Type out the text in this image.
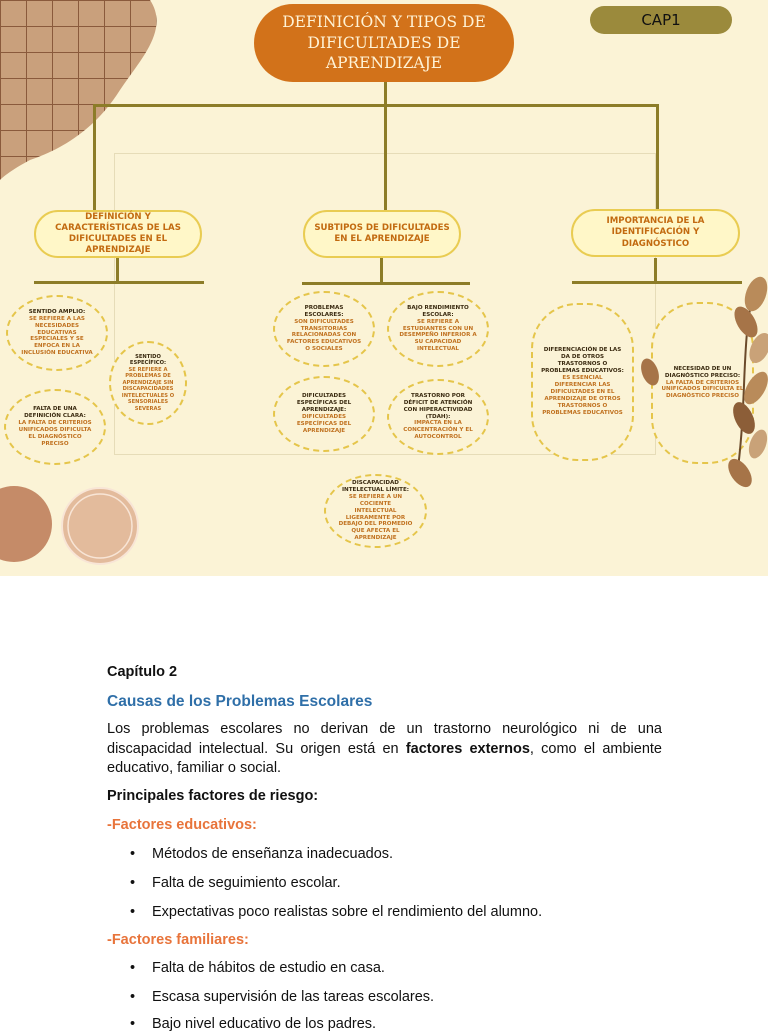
DEFINICIÓN Y TIPOS DE DIFICULTADES DE APRENDIZAJE
CAP1
DEFINICIÓN Y CARACTERÍSTICAS DE LAS DIFICULTADES EN EL APRENDIZAJE
SUBTIPOS DE DIFICULTADES EN EL APRENDIZAJE
IMPORTANCIA DE LA IDENTIFICACIÓN Y DIAGNÓSTICO
SENTIDO AMPLIO:
SE REFIERE A LAS NECESIDADES EDUCATIVAS ESPECIALES Y SE ENFOCA EN LA INCLUSIÓN EDUCATIVA
SENTIDO ESPECÍFICO:
SE REFIERE A PROBLEMAS DE APRENDIZAJE SIN DISCAPACIDADES INTELECTUALES O SENSORIALES SEVERAS
FALTA DE UNA DEFINICIÓN CLARA:
LA FALTA DE CRITERIOS UNIFICADOS DIFICULTA EL DIAGNÓSTICO PRECISO
PROBLEMAS ESCOLARES:
SON DIFICULTADES TRANSITORIAS RELACIONADAS CON FACTORES EDUCATIVOS O SOCIALES
BAJO RENDIMIENTO ESCOLAR:
SE REFIERE A ESTUDIANTES CON UN DESEMPEÑO INFERIOR A SU CAPACIDAD INTELECTUAL
DIFICULTADES ESPECÍFICAS DEL APRENDIZAJE:
DIFICULTADES ESPECÍFICAS DEL APRENDIZAJE
TRASTORNO POR DÉFICIT DE ATENCIÓN CON HIPERACTIVIDAD (TDAH):
IMPACTA EN LA CONCENTRACIÓN Y EL AUTOCONTROL
DISCAPACIDAD INTELECTUAL LÍMITE:
SE REFIERE A UN COCIENTE INTELECTUAL LIGERAMENTE POR DEBAJO DEL PROMEDIO QUE AFECTA EL APRENDIZAJE
DIFERENCIACIÓN DE LAS DA DE OTROS TRASTORNOS O PROBLEMAS EDUCATIVOS:
ES ESENCIAL DIFERENCIAR LAS DIFICULTADES EN EL APRENDIZAJE DE OTROS TRASTORNOS O PROBLEMAS EDUCATIVOS
NECESIDAD DE UN DIAGNÓSTICO PRECISO:
LA FALTA DE CRITERIOS UNIFICADOS DIFICULTA EL DIAGNÓSTICO PRECISO
Capítulo 2
Causas de los Problemas Escolares
Los problemas escolares no derivan de un trastorno neurológico ni de una discapacidad intelectual. Su origen está en factores externos, como el ambiente educativo, familiar o social.
Principales factores de riesgo:
-Factores educativos:
• Métodos de enseñanza inadecuados.
• Falta de seguimiento escolar.
• Expectativas poco realistas sobre el rendimiento del alumno.
-Factores familiares:
• Falta de hábitos de estudio en casa.
• Escasa supervisión de las tareas escolares.
• Bajo nivel educativo de los padres.
